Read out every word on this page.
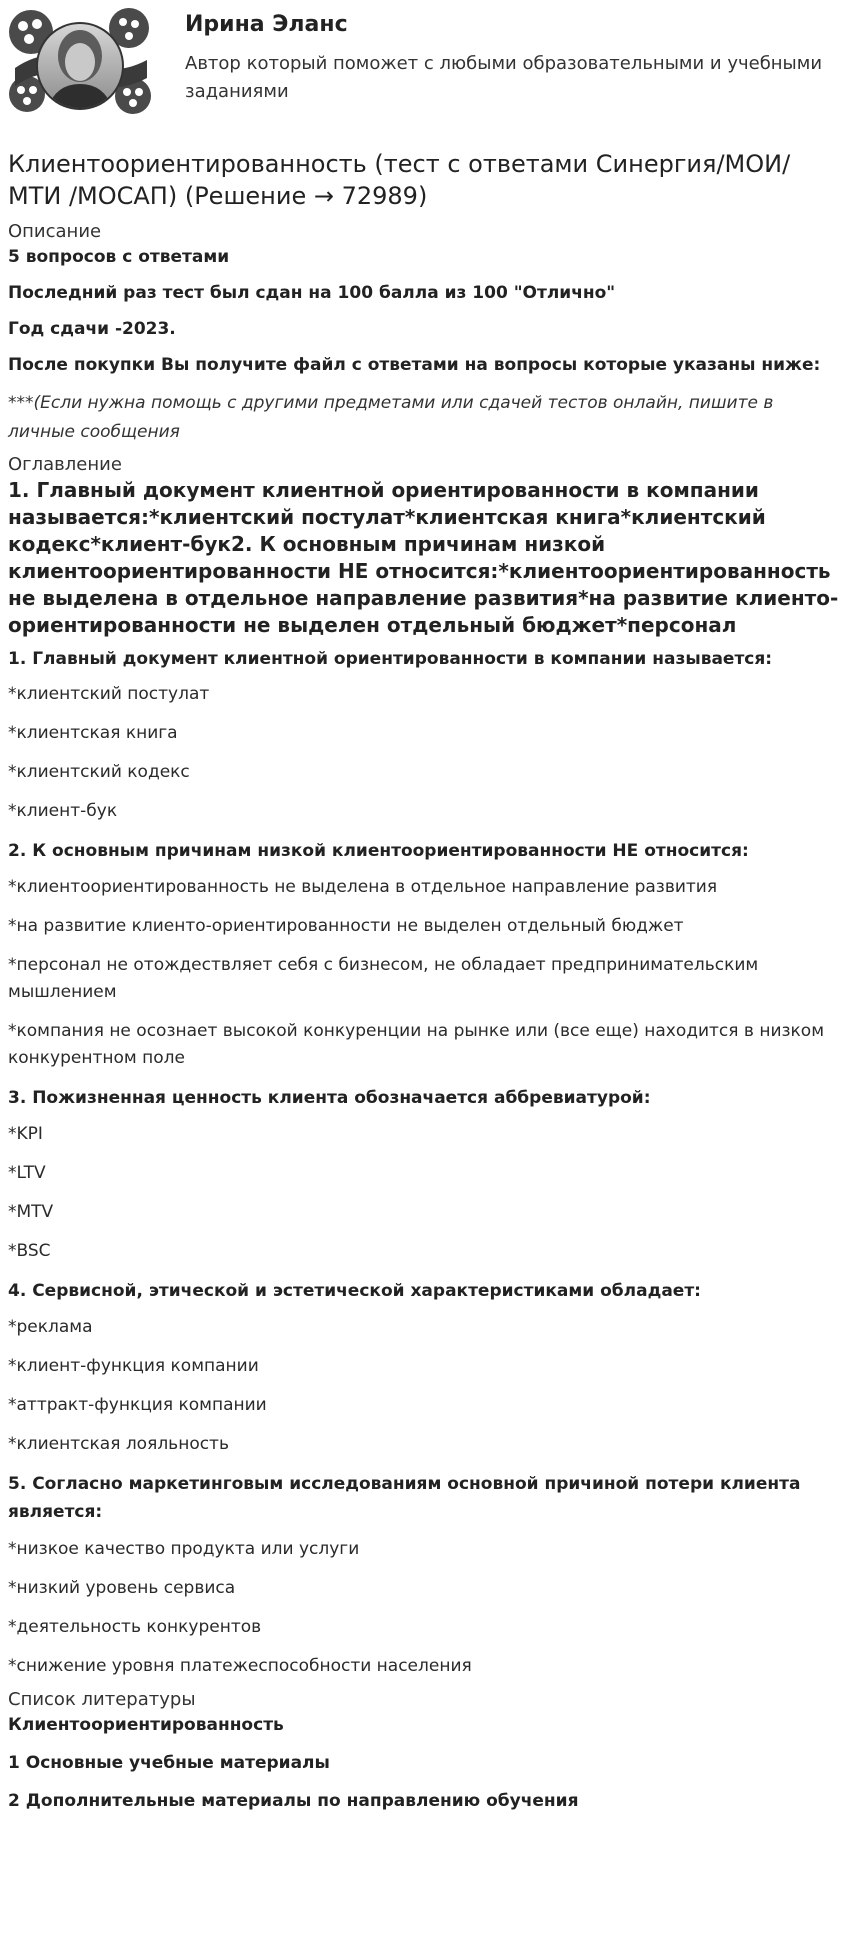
Ирина Эланс
Автор который поможет с любыми образовательными и учебными заданиями
Клиентоориентированность (тест с ответами Синергия/МОИ/МТИ /МОСАП) (Решение → 72989)
Описание

5 вопросов с ответами

Последний раз тест был сдан на 100 балла из 100 "Отлично"

Год сдачи -2023.

После покупки Вы получите файл с ответами на вопросы которые указаны ниже:

***(Если нужна помощь с другими предметами или сдачей тестов онлайн, пишите в личные сообщения

Оглавление

1. Главный документ клиентной ориентированности в компании называется:*клиентский постулат*клиентская книга*клиентский кодекс*клиент-бук2. К основным причинам низкой клиентоориентированности НЕ относится:*клиентоориентированность не выделена в отдельное направление развития*на развитие клиенто-ориентированности не выделен отдельный бюджет*персонал

1. Главный документ клиентной ориентированности в компании называется:

*клиентский постулат

*клиентская книга

*клиентский кодекс

*клиент-бук

2. К основным причинам низкой клиентоориентированности НЕ относится:

*клиентоориентированность не выделена в отдельное направление развития

*на развитие клиенто-ориентированности не выделен отдельный бюджет

*персонал не отождествляет себя с бизнесом, не обладает предпринимательским мышлением

*компания не осознает высокой конкуренции на рынке или (все еще) находится в низком конкурентном поле

3. Пожизненная ценность клиента обозначается аббревиатурой:

*KPI

*LTV

*MTV

*BSC

4. Сервисной, этической и эстетической характеристиками обладает:

*реклама

*клиент-функция компании

*аттракт-функция компании

*клиентская лояльность

5. Согласно маркетинговым исследованиям основной причиной потери клиента является:

*низкое качество продукта или услуги

*низкий уровень сервиса

*деятельность конкурентов

*снижение уровня платежеспособности населения

Список литературы

Клиентоориентированность

1 Основные учебные материалы

2 Дополнительные материалы по направлению обучения
